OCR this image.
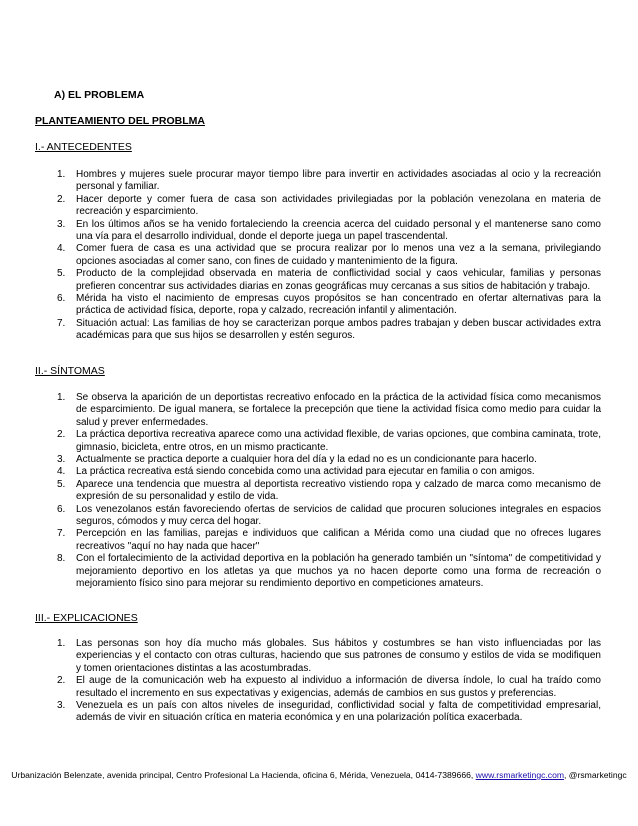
A) EL PROBLEMA
PLANTEAMIENTO DEL PROBLMA
I.- ANTECEDENTES
1. Hombres y mujeres suele procurar mayor tiempo libre para invertir en actividades asociadas al ocio y la recreación personal y familiar.
2. Hacer deporte y comer fuera de casa son actividades privilegiadas por la población venezolana en materia de recreación y esparcimiento.
3. En los últimos años se ha venido fortaleciendo la creencia acerca del cuidado personal y el mantenerse sano como una vía para el desarrollo individual, donde el deporte juega un papel trascendental.
4. Comer fuera de casa es una actividad que se procura realizar por lo menos una vez a la semana, privilegiando opciones asociadas al comer sano, con fines de cuidado y mantenimiento de la figura.
5. Producto de la complejidad observada en materia de conflictividad social y caos vehicular, familias y personas prefieren concentrar sus actividades diarias en zonas geográficas muy cercanas a sus sitios de habitación y trabajo.
6. Mérida ha visto el nacimiento de empresas cuyos propósitos se han concentrado en ofertar alternativas para la práctica de actividad física, deporte, ropa y calzado, recreación infantil y alimentación.
7. Situación actual: Las familias de hoy se caracterizan porque ambos padres trabajan y deben buscar actividades extra académicas para que sus hijos se desarrollen y estén seguros.
II.- SÍNTOMAS
1. Se observa la aparición de un deportistas recreativo enfocado en la práctica de la actividad física como mecanismos de esparcimiento. De igual manera, se fortalece la precepción que tiene la actividad física como medio para cuidar la salud y prever enfermedades.
2. La práctica deportiva recreativa aparece como una actividad flexible, de varias opciones, que combina caminata, trote, gimnasio, bicicleta, entre otros, en un mismo practicante.
3. Actualmente se practica deporte a cualquier hora del día y la edad no es un condicionante para hacerlo.
4. La práctica recreativa está siendo concebida como una actividad para ejecutar en familia o con amigos.
5. Aparece una tendencia que muestra al deportista recreativo vistiendo ropa y calzado de marca como mecanismo de expresión de su personalidad y estilo de vida.
6. Los venezolanos están favoreciendo ofertas de servicios de calidad que procuren soluciones integrales en espacios seguros, cómodos y muy cerca del hogar.
7. Percepción en las familias, parejas e individuos que califican a Mérida como una ciudad que no ofreces lugares recreativos "aquí no hay nada que hacer"
8. Con el fortalecimiento de la actividad deportiva en la población ha generado también un "síntoma" de competitividad y mejoramiento deportivo en los atletas ya que muchos ya no hacen deporte como una forma de recreación o mejoramiento físico sino para mejorar su rendimiento deportivo en competiciones amateurs.
III.- EXPLICACIONES
1. Las personas son hoy día mucho más globales. Sus hábitos y costumbres se han visto influenciadas por las experiencias y el contacto con otras culturas, haciendo que sus patrones de consumo y estilos de vida se modifiquen y tomen orientaciones distintas a las acostumbradas.
2. El auge de la comunicación web ha expuesto al individuo a información de diversa índole, lo cual ha traído como resultado el incremento en sus expectativas y exigencias, además de cambios en sus gustos y preferencias.
3. Venezuela es un país con altos niveles de inseguridad, conflictividad social y falta de competitividad empresarial, además de vivir en situación crítica en materia económica y en una polarización política exacerbada.
Urbanización Belenzate, avenida principal, Centro Profesional La Hacienda, oficina 6, Mérida, Venezuela, 0414-7389666, www.rsmarketingc.com, @rsmarketingc
